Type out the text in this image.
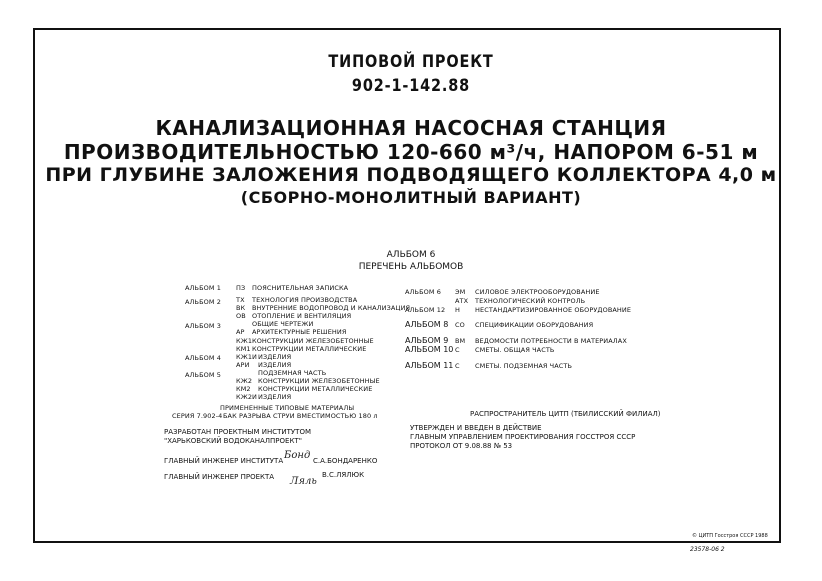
ТИПОВОЙ ПРОЕКТ
902-1-142.88
КАНАЛИЗАЦИОННАЯ НАСОСНАЯ СТАНЦИЯ
ПРОИЗВОДИТЕЛЬНОСТЬЮ 120-660 м³/ч, НАПОРОМ 6-51 м
ПРИ ГЛУБИНЕ ЗАЛОЖЕНИЯ ПОДВОДЯЩЕГО КОЛЛЕКТОРА 4,0 м
(СБОРНО-МОНОЛИТНЫЙ ВАРИАНТ)
АЛЬБОМ 6
ПЕРЕЧЕНЬ АЛЬБОМОВ
АЛЬБОМ 1 ПЗ ПОЯСНИТЕЛЬНАЯ ЗАПИСКА
АЛЬБОМ 2 ТХ ТЕХНОЛОГИЯ ПРОИЗВОДСТВА
ВК ВНУТРЕННИЕ ВОДОПРОВОД И КАНАЛИЗАЦИЯ
ОВ ОТОПЛЕНИЕ И ВЕНТИЛЯЦИЯ
АЛЬБОМ 3	ОБЩИЕ ЧЕРТЕЖИ
АР АРХИТЕКТУРНЫЕ РЕШЕНИЯ
КЖ1 КОНСТРУКЦИИ ЖЕЛЕЗОБЕТОННЫЕ
КМ1 КОНСТРУКЦИИ МЕТАЛЛИЧЕСКИЕ
АЛЬБОМ 4 КЖ1И ИЗДЕЛИЯ
АРИ ИЗДЕЛИЯ
АЛЬБОМ 5	ПОДЗЕМНАЯ ЧАСТЬ
КЖ2 КОНСТРУКЦИИ ЖЕЛЕЗОБЕТОННЫЕ
КМ2 КОНСТРУКЦИИ МЕТАЛЛИЧЕСКИЕ
КЖ2И ИЗДЕЛИЯ
ПРИМЕНЕННЫЕ ТИПОВЫЕ МАТЕРИАЛЫ
СЕРИЯ 7.902-4 БАК РАЗРЫВА СТРУИ ВМЕСТИМОСТЬЮ 180 л
АЛЬБОМ 6 ЭМ СИЛОВОЕ ЭЛЕКТРООБОРУДОВАНИЕ
АТХ ТЕХНОЛОГИЧЕСКИЙ КОНТРОЛЬ
АЛЬБОМ 12 Н НЕСТАНДАРТИЗИРОВАННОЕ ОБОРУДОВАНИЕ
АЛЬБОМ 8 СО СПЕЦИФИКАЦИИ ОБОРУДОВАНИЯ
АЛЬБОМ 9 ВМ ВЕДОМОСТИ ПОТРЕБНОСТИ В МАТЕРИАЛАХ
АЛЬБОМ 10 С СМЕТЫ. ОБЩАЯ ЧАСТЬ
АЛЬБОМ 11 С СМЕТЫ. ПОДЗЕМНАЯ ЧАСТЬ
РАЗРАБОТАН ПРОЕКТНЫМ ИНСТИТУТОМ
"ХАРЬКОВСКИЙ ВОДОКАНАЛПРОЕКТ"
РАСПРОСТРАНИТЕЛЬ ЦИТП (ТБИЛИССКИЙ ФИЛИАЛ)
УТВЕРЖДЕН И ВВЕДЕН В ДЕЙСТВИЕ
ГЛАВНЫМ УПРАВЛЕНИЕМ ПРОЕКТИРОВАНИЯ ГОССТРОЯ СССР
ПРОТОКОЛ ОТ 9.08.88 № 53
ГЛАВНЫЙ ИНЖЕНЕР ИНСТИТУТА Бонд С.А.БОНДАРЕНКО
ГЛАВНЫЙ ИНЖЕНЕР ПРОЕКТА Ляль
В.С.ЛЯЛЮК
© ЦИТП Госстроя СССР 1988
23578-06 2
